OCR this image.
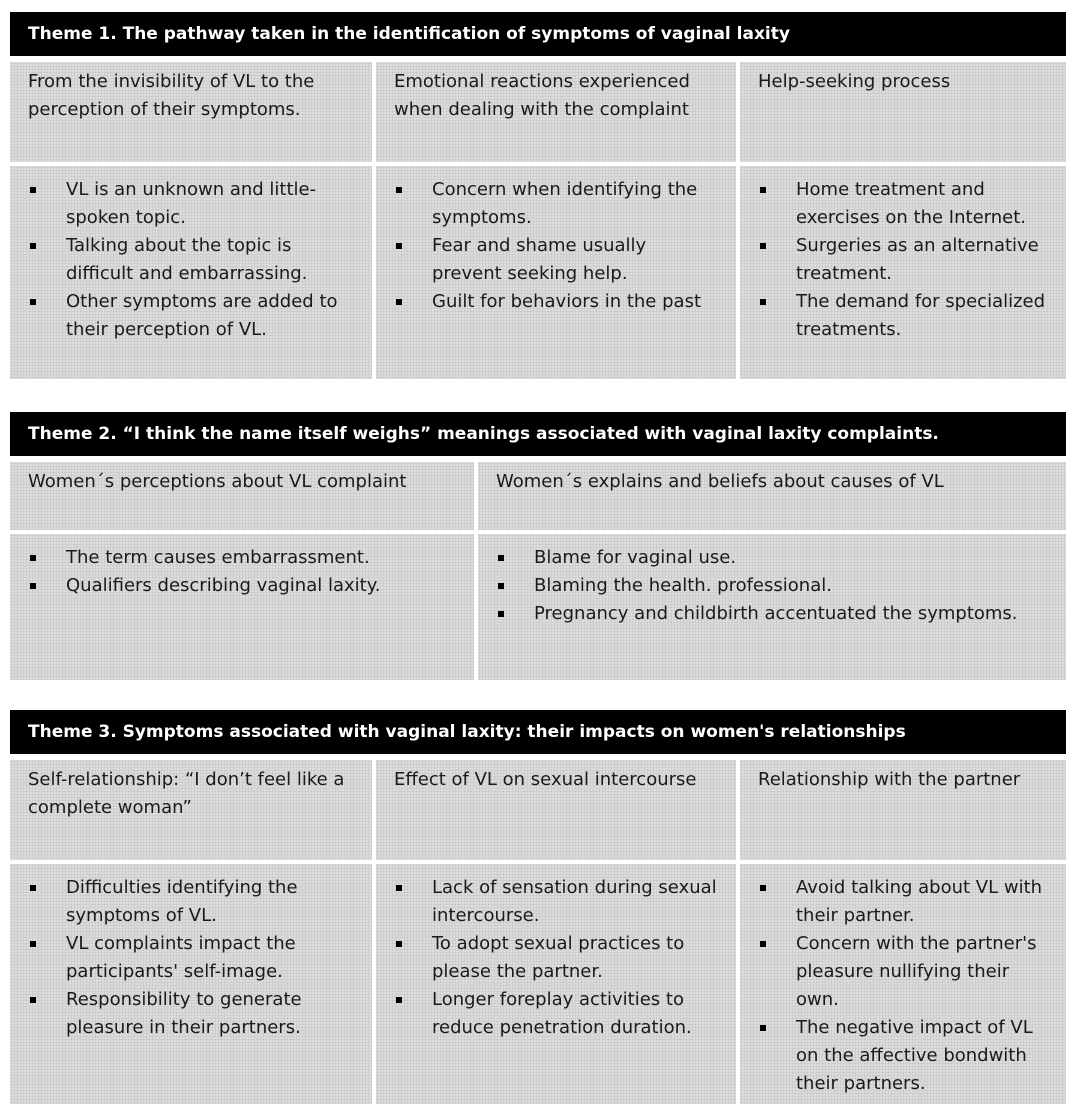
Theme 1. The pathway taken in the identification of symptoms of vaginal laxity
From the invisibility of VL to the perception of their symptoms.
Emotional reactions experienced when dealing with the complaint
Help-seeking process
VL is an unknown and little-spoken topic.
Talking about the topic is difficult and embarrassing.
Other symptoms are added to their perception of VL.
Concern when identifying the symptoms.
Fear and shame usually prevent seeking help.
Guilt for behaviors in the past
Home treatment and exercises on the Internet.
Surgeries as an alternative treatment.
The demand for specialized treatments.
Theme 2. “I think the name itself weighs” meanings associated with vaginal laxity complaints.
Women´s perceptions about VL complaint	Women´s explains and beliefs about causes of VL
The term causes embarrassment.
Qualifiers describing vaginal laxity.
Blame for vaginal use.
Blaming the health. professional.
Pregnancy and childbirth accentuated the symptoms.
Theme 3. Symptoms associated with vaginal laxity: their impacts on women's relationships
Self-relationship: “I don’t feel like a complete woman”
Effect of VL on sexual intercourse	Relationship with the partner
Difficulties identifying the symptoms of VL.
VL complaints impact the participants' self-image.
Responsibility to generate pleasure in their partners.
Lack of sensation during sexual intercourse.
To adopt sexual practices to please the partner.
Longer foreplay activities to reduce penetration duration.
Avoid talking about VL with their partner.
Concern with the partner's pleasure nullifying their own.
The negative impact of VL on the affective bondwith their partners.
